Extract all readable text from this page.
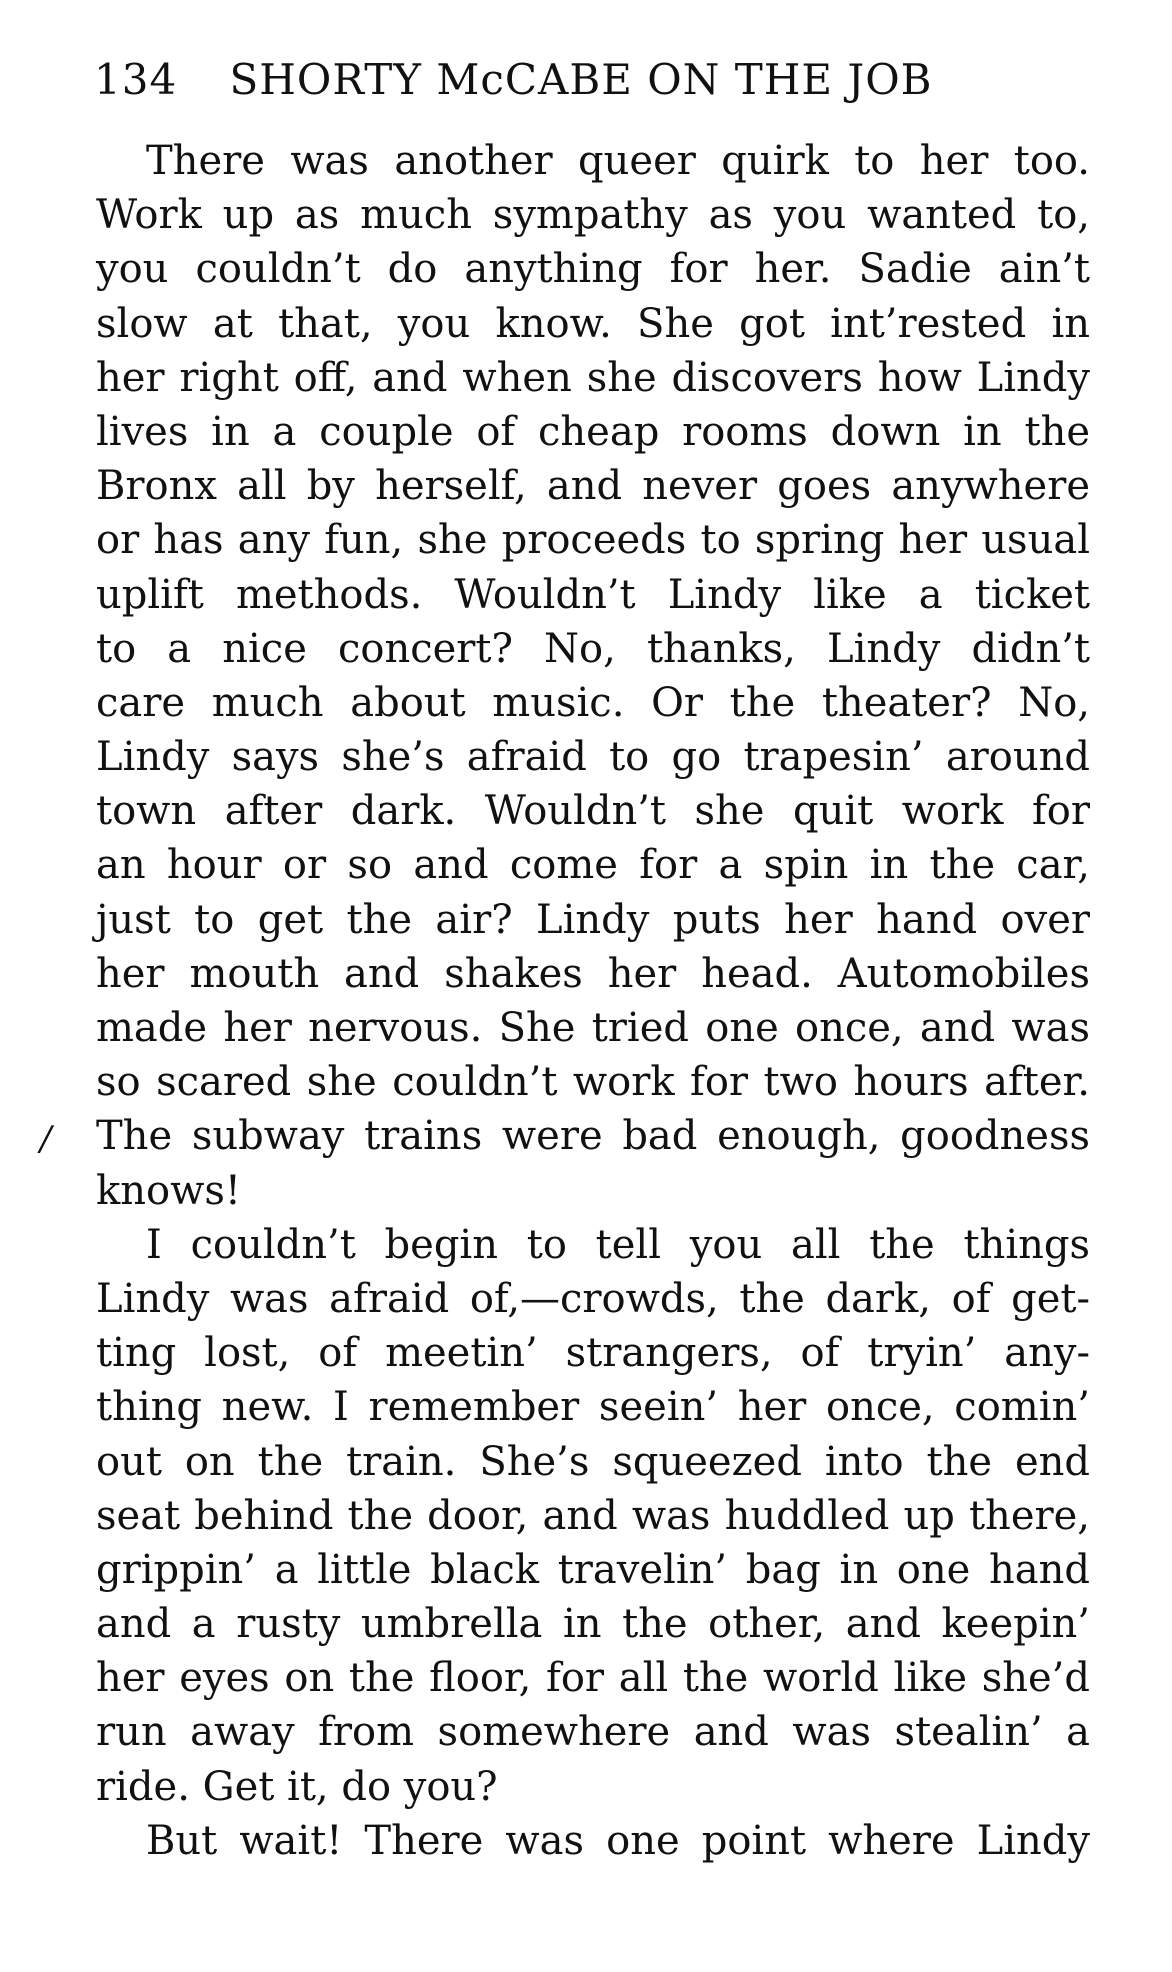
134 SHORTY McCABE ON THE JOB
/
There was another queer quirk to her too.
Work up as much sympathy as you wanted to,
you couldn’t do anything for her. Sadie ain’t
slow at that, you know. She got int’rested in
her right off, and when she discovers how Lindy
lives in a couple of cheap rooms down in the
Bronx all by herself, and never goes anywhere
or has any fun, she proceeds to spring her usual
uplift methods. Wouldn’t Lindy like a ticket
to a nice concert? No, thanks, Lindy didn’t
care much about music. Or the theater? No,
Lindy says she’s afraid to go trapesin’ around
town after dark. Wouldn’t she quit work for
an hour or so and come for a spin in the car,
just to get the air? Lindy puts her hand over
her mouth and shakes her head. Automobiles
made her nervous. She tried one once, and was
so scared she couldn’t work for two hours after.
The subway trains were bad enough, goodness
knows!
I couldn’t begin to tell you all the things
Lindy was afraid of,—crowds, the dark, of get-
ting lost, of meetin’ strangers, of tryin’ any-
thing new. I remember seein’ her once, comin’
out on the train. She’s squeezed into the end
seat behind the door, and was huddled up there,
grippin’ a little black travelin’ bag in one hand
and a rusty umbrella in the other, and keepin’
her eyes on the floor, for all the world like she’d
run away from somewhere and was stealin’ a
ride. Get it, do you?
But wait! There was one point where Lindy
